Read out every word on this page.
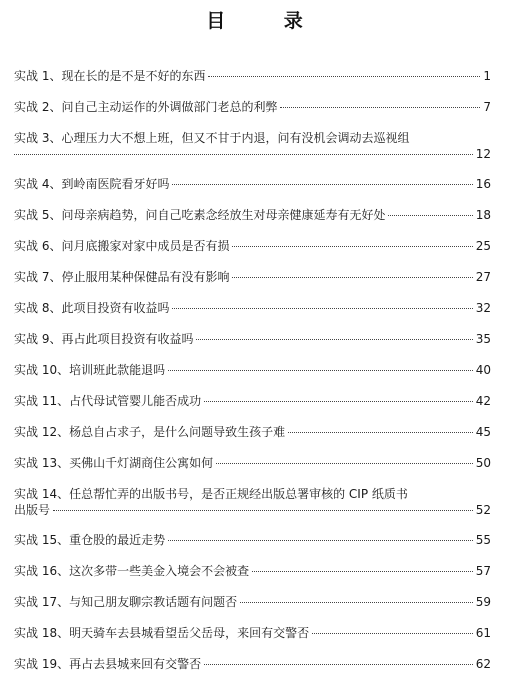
目 录
实战 1、现在长的是不是不好的东西	1
实战 2、问自己主动运作的外调做部门老总的利弊	7
实战 3、心理压力大不想上班，但又不甘于内退，问有没机会调动去巡视组
12
实战 4、到岭南医院看牙好吗	16
实战 5、问母亲病趋势，问自己吃素念经放生对母亲健康延寿有无好处	18
实战 6、问月底搬家对家中成员是否有损	25
实战 7、停止服用某种保健品有没有影响	27
实战 8、此项目投资有收益吗	32
实战 9、再占此项目投资有收益吗	35
实战 10、培训班此款能退吗	40
实战 11、占代母试管婴儿能否成功	42
实战 12、杨总自占求子，是什么问题导致生孩子难	45
实战 13、买佛山千灯湖商住公寓如何	50
实战 14、任总帮忙弄的出版书号，是否正规经出版总署审核的 CIP 纸质书
出版号	52
实战 15、重仓股的最近走势	55
实战 16、这次多带一些美金入境会不会被查	57
实战 17、与知己朋友聊宗教话题有问题否	59
实战 18、明天骑车去县城看望岳父岳母，来回有交警否	61
实战 19、再占去县城来回有交警否	62
